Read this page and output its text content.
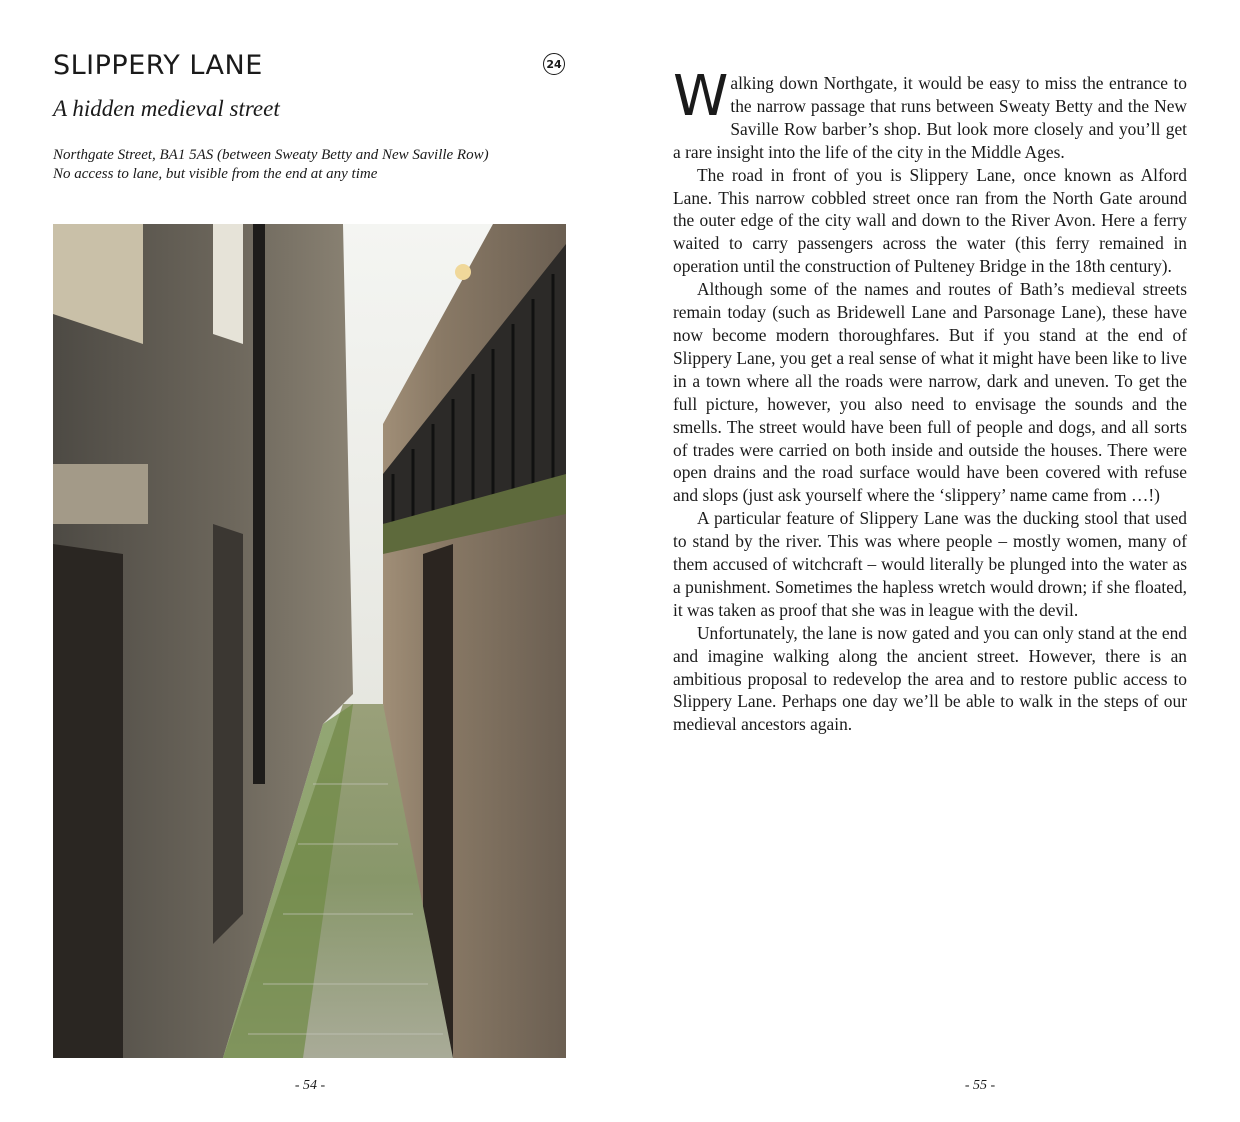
SLIPPERY LANE	24
A hidden medieval street

Northgate Street, BA1 5AS (between Sweaty Betty and New Saville Row)
No access to lane, but visible from the end at any time

- 54 -

Walking down Northgate, it would be easy to miss the entrance to the narrow passage that runs between Sweaty Betty and the New Saville Row barber’s shop. But look more closely and you’ll get a rare insight into the life of the city in the Middle Ages.

The road in front of you is Slippery Lane, once known as Alford Lane. This narrow cobbled street once ran from the North Gate around the outer edge of the city wall and down to the River Avon. Here a ferry waited to carry passengers across the water (this ferry remained in operation until the construction of Pulteney Bridge in the 18th century).

Although some of the names and routes of Bath’s medieval streets remain today (such as Bridewell Lane and Parsonage Lane), these have now become modern thoroughfares. But if you stand at the end of Slippery Lane, you get a real sense of what it might have been like to live in a town where all the roads were narrow, dark and uneven. To get the full picture, however, you also need to envisage the sounds and the smells. The street would have been full of people and dogs, and all sorts of trades were carried on both inside and outside the houses. There were open drains and the road surface would have been covered with refuse and slops (just ask yourself where the ‘slippery’ name came from …!)

A particular feature of Slippery Lane was the ducking stool that used to stand by the river. This was where people – mostly women, many of them accused of witchcraft – would literally be plunged into the water as a punishment. Sometimes the hapless wretch would drown; if she floated, it was taken as proof that she was in league with the devil.

Unfortunately, the lane is now gated and you can only stand at the end and imagine walking along the ancient street. However, there is an ambitious proposal to redevelop the area and to restore public access to Slippery Lane. Perhaps one day we’ll be able to walk in the steps of our medieval ancestors again.

- 55 -
